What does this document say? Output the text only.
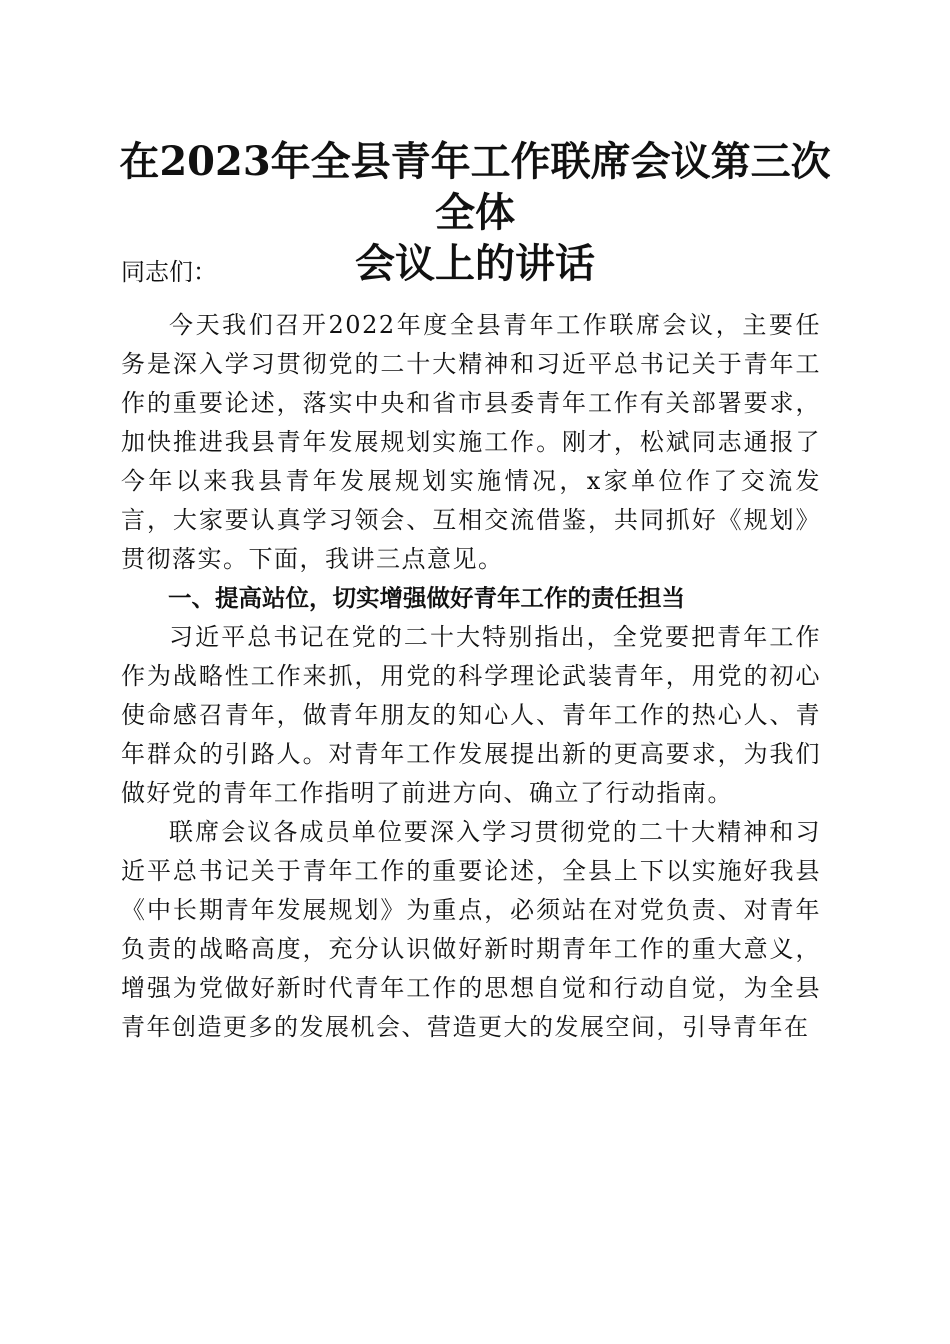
在2023年全县青年工作联席会议第三次全体
会议上的讲话

同志们：

今天我们召开2022年度全县青年工作联席会议，主要任务是深入学习贯彻党的二十大精神和习近平总书记关于青年工作的重要论述，落实中央和省市县委青年工作有关部署要求，加快推进我县青年发展规划实施工作。刚才，松斌同志通报了今年以来我县青年发展规划实施情况，x家单位作了交流发言，大家要认真学习领会、互相交流借鉴，共同抓好《规划》贯彻落实。下面，我讲三点意见。

一、提高站位，切实增强做好青年工作的责任担当

习近平总书记在党的二十大特别指出，全党要把青年工作作为战略性工作来抓，用党的科学理论武装青年，用党的初心使命感召青年，做青年朋友的知心人、青年工作的热心人、青年群众的引路人。对青年工作发展提出新的更高要求，为我们做好党的青年工作指明了前进方向、确立了行动指南。

联席会议各成员单位要深入学习贯彻党的二十大精神和习近平总书记关于青年工作的重要论述，全县上下以实施好我县《中长期青年发展规划》为重点，必须站在对党负责、对青年负责的战略高度，充分认识做好新时期青年工作的重大意义，增强为党做好新时代青年工作的思想自觉和行动自觉，为全县青年创造更多的发展机会、营造更大的发展空间，引导青年在
